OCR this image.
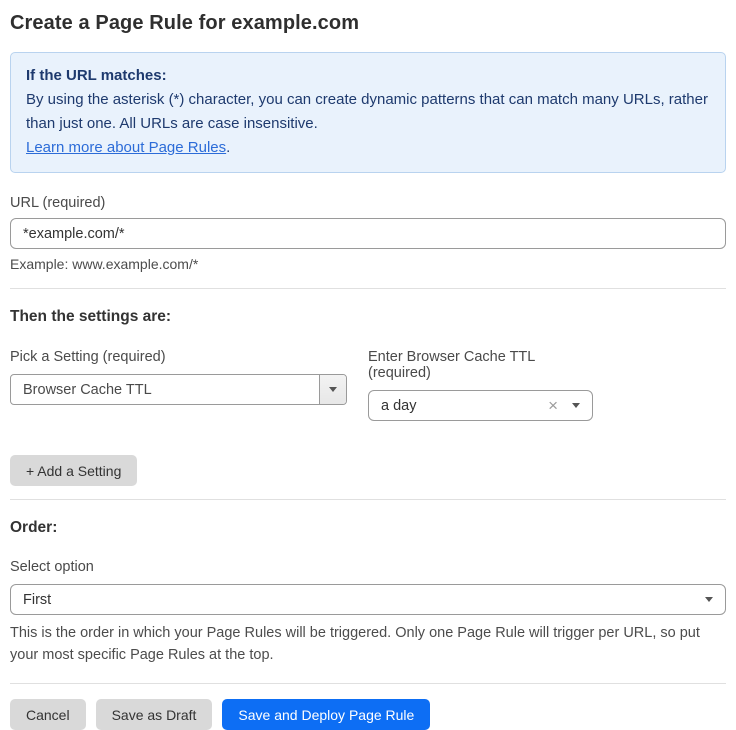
Create a Page Rule for example.com
If the URL matches:
By using the asterisk (*) character, you can create dynamic patterns that can match many URLs, rather than just one. All URLs are case insensitive.
Learn more about Page Rules.
URL (required)
*example.com/*
Example: www.example.com/*
Then the settings are:
Pick a Setting (required)
Browser Cache TTL
Enter Browser Cache TTL (required)
a day	×
+ Add a Setting
Order:
Select option
First
This is the order in which your Page Rules will be triggered. Only one Page Rule will trigger per URL, so put your most specific Page Rules at the top.
Cancel	Save as Draft	Save and Deploy Page Rule
